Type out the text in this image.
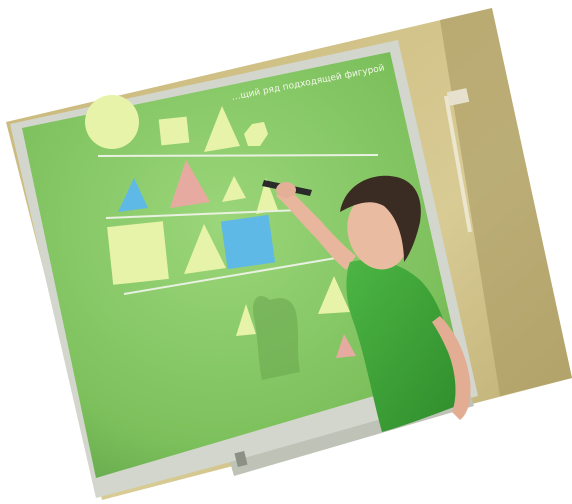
…щий ряд подходящей фигурой
